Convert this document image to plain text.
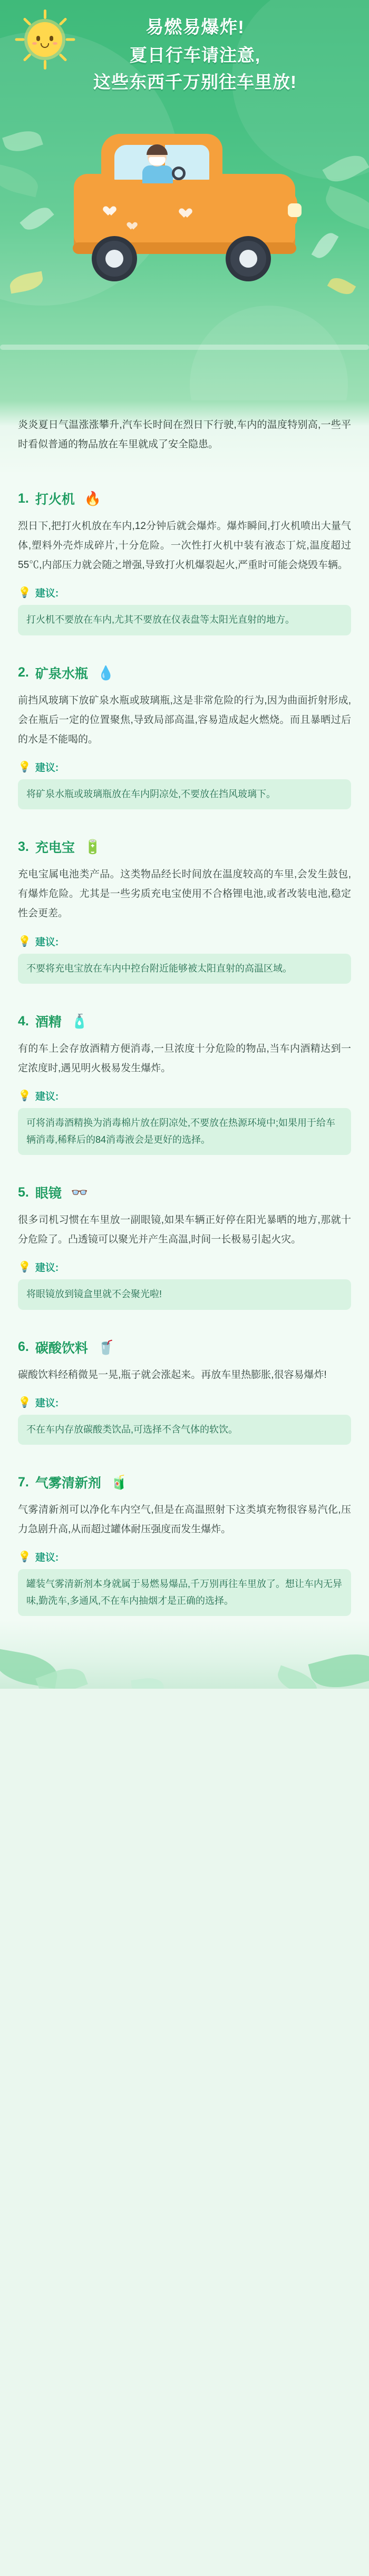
易燃易爆炸!
夏日行车请注意,
这些东西千万别往车里放!

炎炎夏日气温涨涨攀升,汽车长时间在烈日下行驶,车内的温度特别高,一些平时看似普通的物品放在车里就成了安全隐患。

1. 打火机 🔥
烈日下,把打火机放在车内,12分钟后就会爆炸。爆炸瞬间,打火机喷出大量气体,塑料外壳炸成碎片,十分危险。一次性打火机中装有液态丁烷,温度超过55℃,内部压力就会随之增强,导致打火机爆裂起火,严重时可能会烧毁车辆。
💡 建议:
打火机不要放在车内,尤其不要放在仪表盘等太阳光直射的地方。
2. 矿泉水瓶 💧
前挡风玻璃下放矿泉水瓶或玻璃瓶,这是非常危险的行为,因为曲面折射形成,会在瓶后一定的位置聚焦,导致局部高温,容易造成起火燃烧。而且暴晒过后的水是不能喝的。
💡 建议:
将矿泉水瓶或玻璃瓶放在车内阴凉处,不要放在挡风玻璃下。
3. 充电宝 🔋
充电宝属电池类产品。这类物品经长时间放在温度较高的车里,会发生鼓包,有爆炸危险。尤其是一些劣质充电宝使用不合格锂电池,或者改装电池,稳定性会更差。
💡 建议:
不要将充电宝放在车内中控台附近能够被太阳直射的高温区域。
4. 酒精 🧴
有的车上会存放酒精方便消毒,一旦浓度十分危险的物品,当车内酒精达到一定浓度时,遇见明火极易发生爆炸。
💡 建议:
可将消毒酒精换为消毒棉片放在阴凉处,不要放在热源环境中;如果用于给车辆消毒,稀释后的84消毒液会是更好的选择。
5. 眼镜 👓
很多司机习惯在车里放一副眼镜,如果车辆正好停在阳光暴晒的地方,那就十分危险了。凸透镜可以聚光并产生高温,时间一长极易引起火灾。
💡 建议:
将眼镜放到镜盒里就不会聚光啦!
6. 碳酸饮料 🥤
碳酸饮料经稍微晃一晃,瓶子就会涨起来。再放车里热膨胀,很容易爆炸!
💡 建议:
不在车内存放碳酸类饮品,可选择不含气体的软饮。
7. 气雾清新剂 🧃
气雾清新剂可以净化车内空气,但是在高温照射下这类填充物很容易汽化,压力急剧升高,从而超过罐体耐压强度而发生爆炸。
💡 建议:
罐装气雾清新剂本身就属于易燃易爆品,千万别再往车里放了。想让车内无异味,勤洗车,多通风,不在车内抽烟才是正确的选择。
